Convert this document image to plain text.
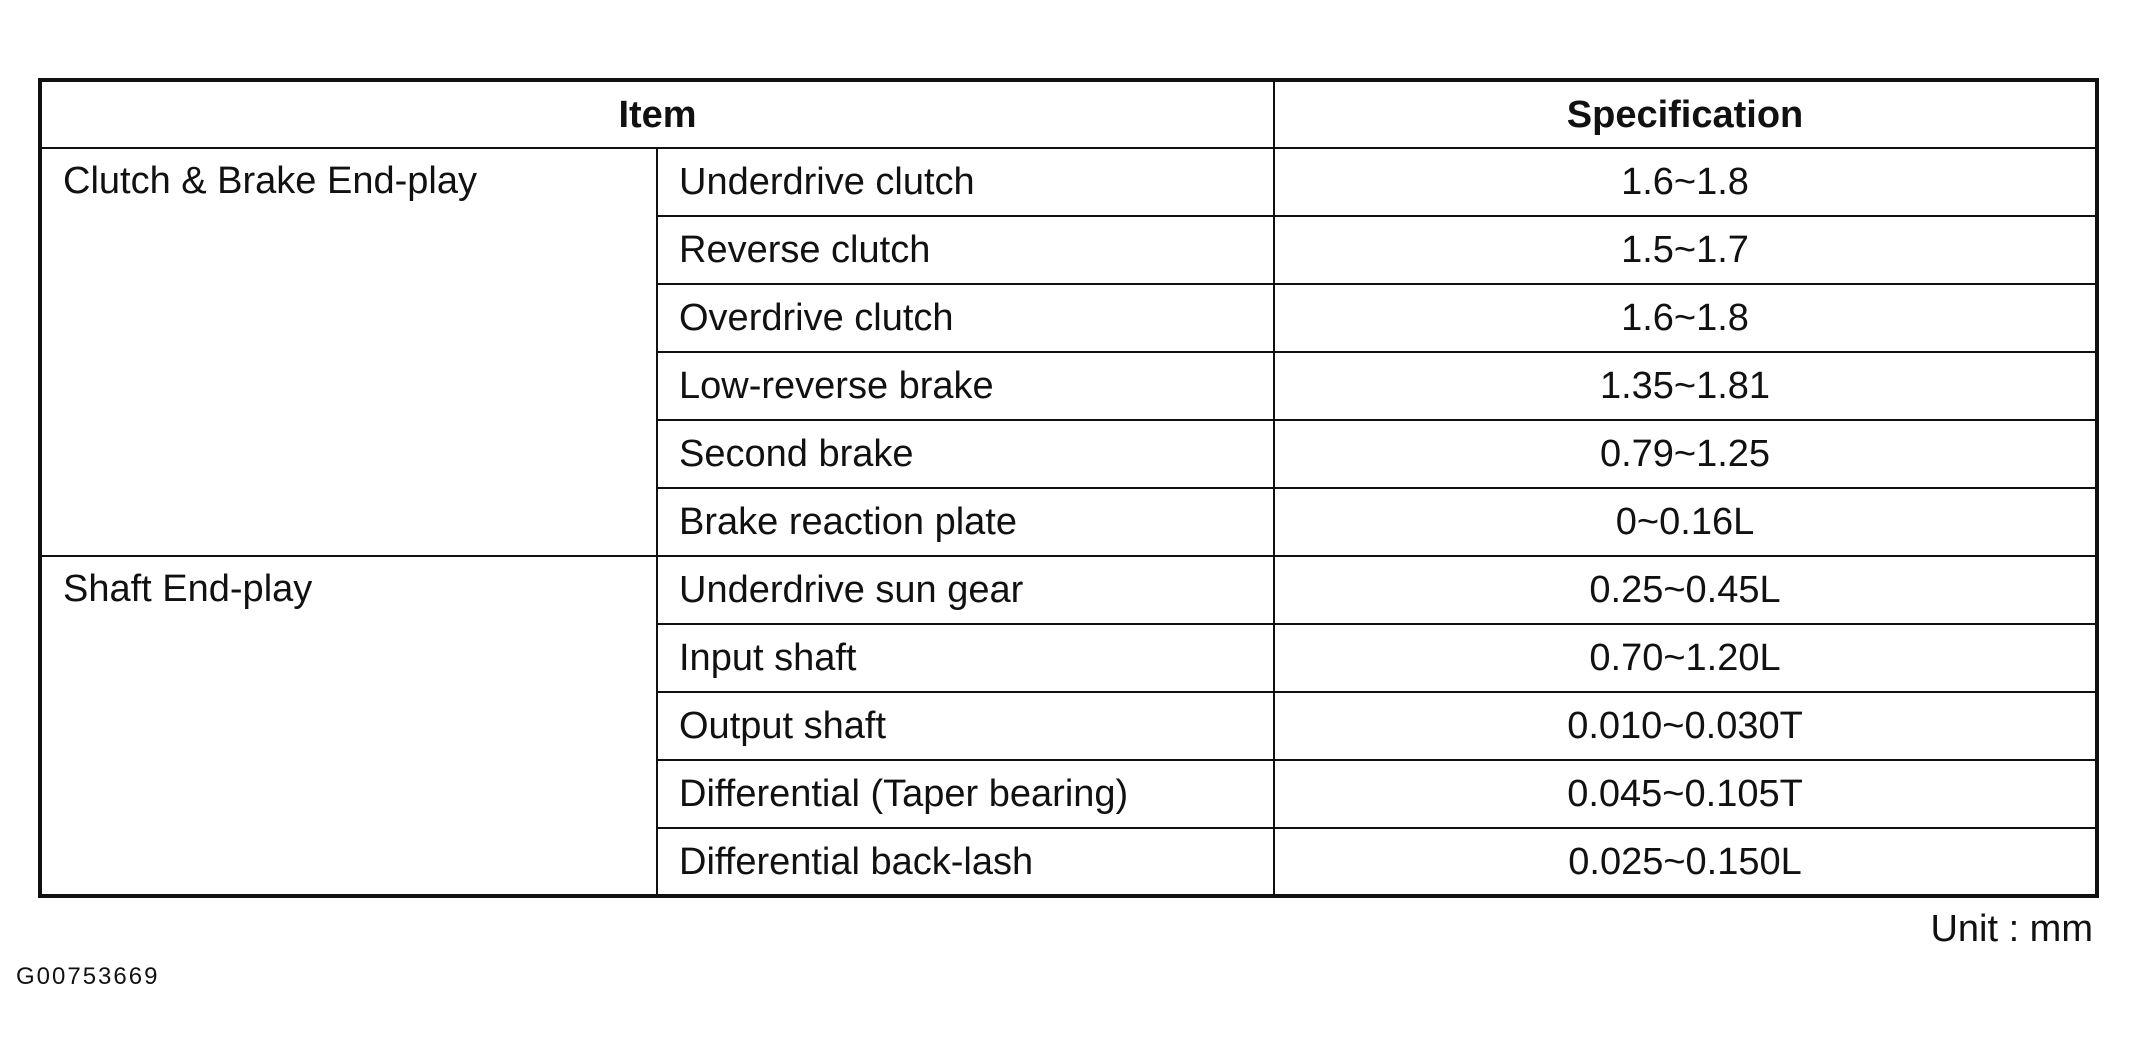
Item		Specification
Clutch & Brake End-play	Underdrive clutch	1.6~1.8
	Reverse clutch	1.5~1.7
	Overdrive clutch	1.6~1.8
	Low-reverse brake	1.35~1.81
	Second brake	0.79~1.25
	Brake reaction plate	0~0.16L
Shaft End-play	Underdrive sun gear	0.25~0.45L
	Input shaft	0.70~1.20L
	Output shaft	0.010~0.030T
	Differential (Taper bearing)	0.045~0.105T
	Differential back-lash	0.025~0.150L
Unit : mm
G00753669
